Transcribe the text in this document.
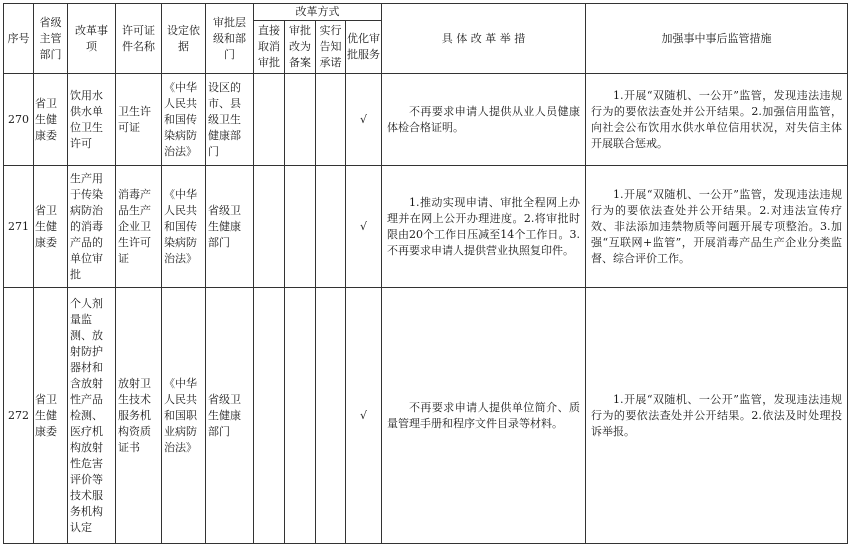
序号	省级主管部门	改革事项	许可证件名称	设定依据	审批层级和部门	改革方式				具 体 改 革 举 措	加强事中事后监管措施
						直接取消审批	审批改为备案	实行告知承诺	优化审批服务		
270	省卫生健康委	饮用水供水单位卫生许可	卫生许可证	《中华人民共和国传染病防治法》	设区的市、县级卫生健康部门				√	不再要求申请人提供从业人员健康体检合格证明。	1.开展“双随机、一公开”监管，发现违法违规行为的要依法查处并公开结果。2.加强信用监管，向社会公布饮用水供水单位信用状况，对失信主体开展联合惩戒。
271	省卫生健康委	生产用于传染病防治的消毒产品的单位审批	消毒产品生产企业卫生许可证	《中华人民共和国传染病防治法》	省级卫生健康部门				√	1.推动实现申请、审批全程网上办理并在网上公开办理进度。2.将审批时限由20个工作日压减至14个工作日。3.不再要求申请人提供营业执照复印件。	1.开展“双随机、一公开”监管，发现违法违规行为的要依法查处并公开结果。2.对违法宣传疗效、非法添加违禁物质等问题开展专项整治。3.加强“互联网+监管”，开展消毒产品生产企业分类监督、综合评价工作。
272	省卫生健康委	个人剂量监测、放射防护器材和含放射性产品检测、医疗机构放射性危害评价等技术服务机构认定	放射卫生技术服务机构资质证书	《中华人民共和国职业病防治法》	省级卫生健康部门				√	不再要求申请人提供单位简介、质量管理手册和程序文件目录等材料。	1.开展“双随机、一公开”监管，发现违法违规行为的要依法查处并公开结果。2.依法及时处理投诉举报。
